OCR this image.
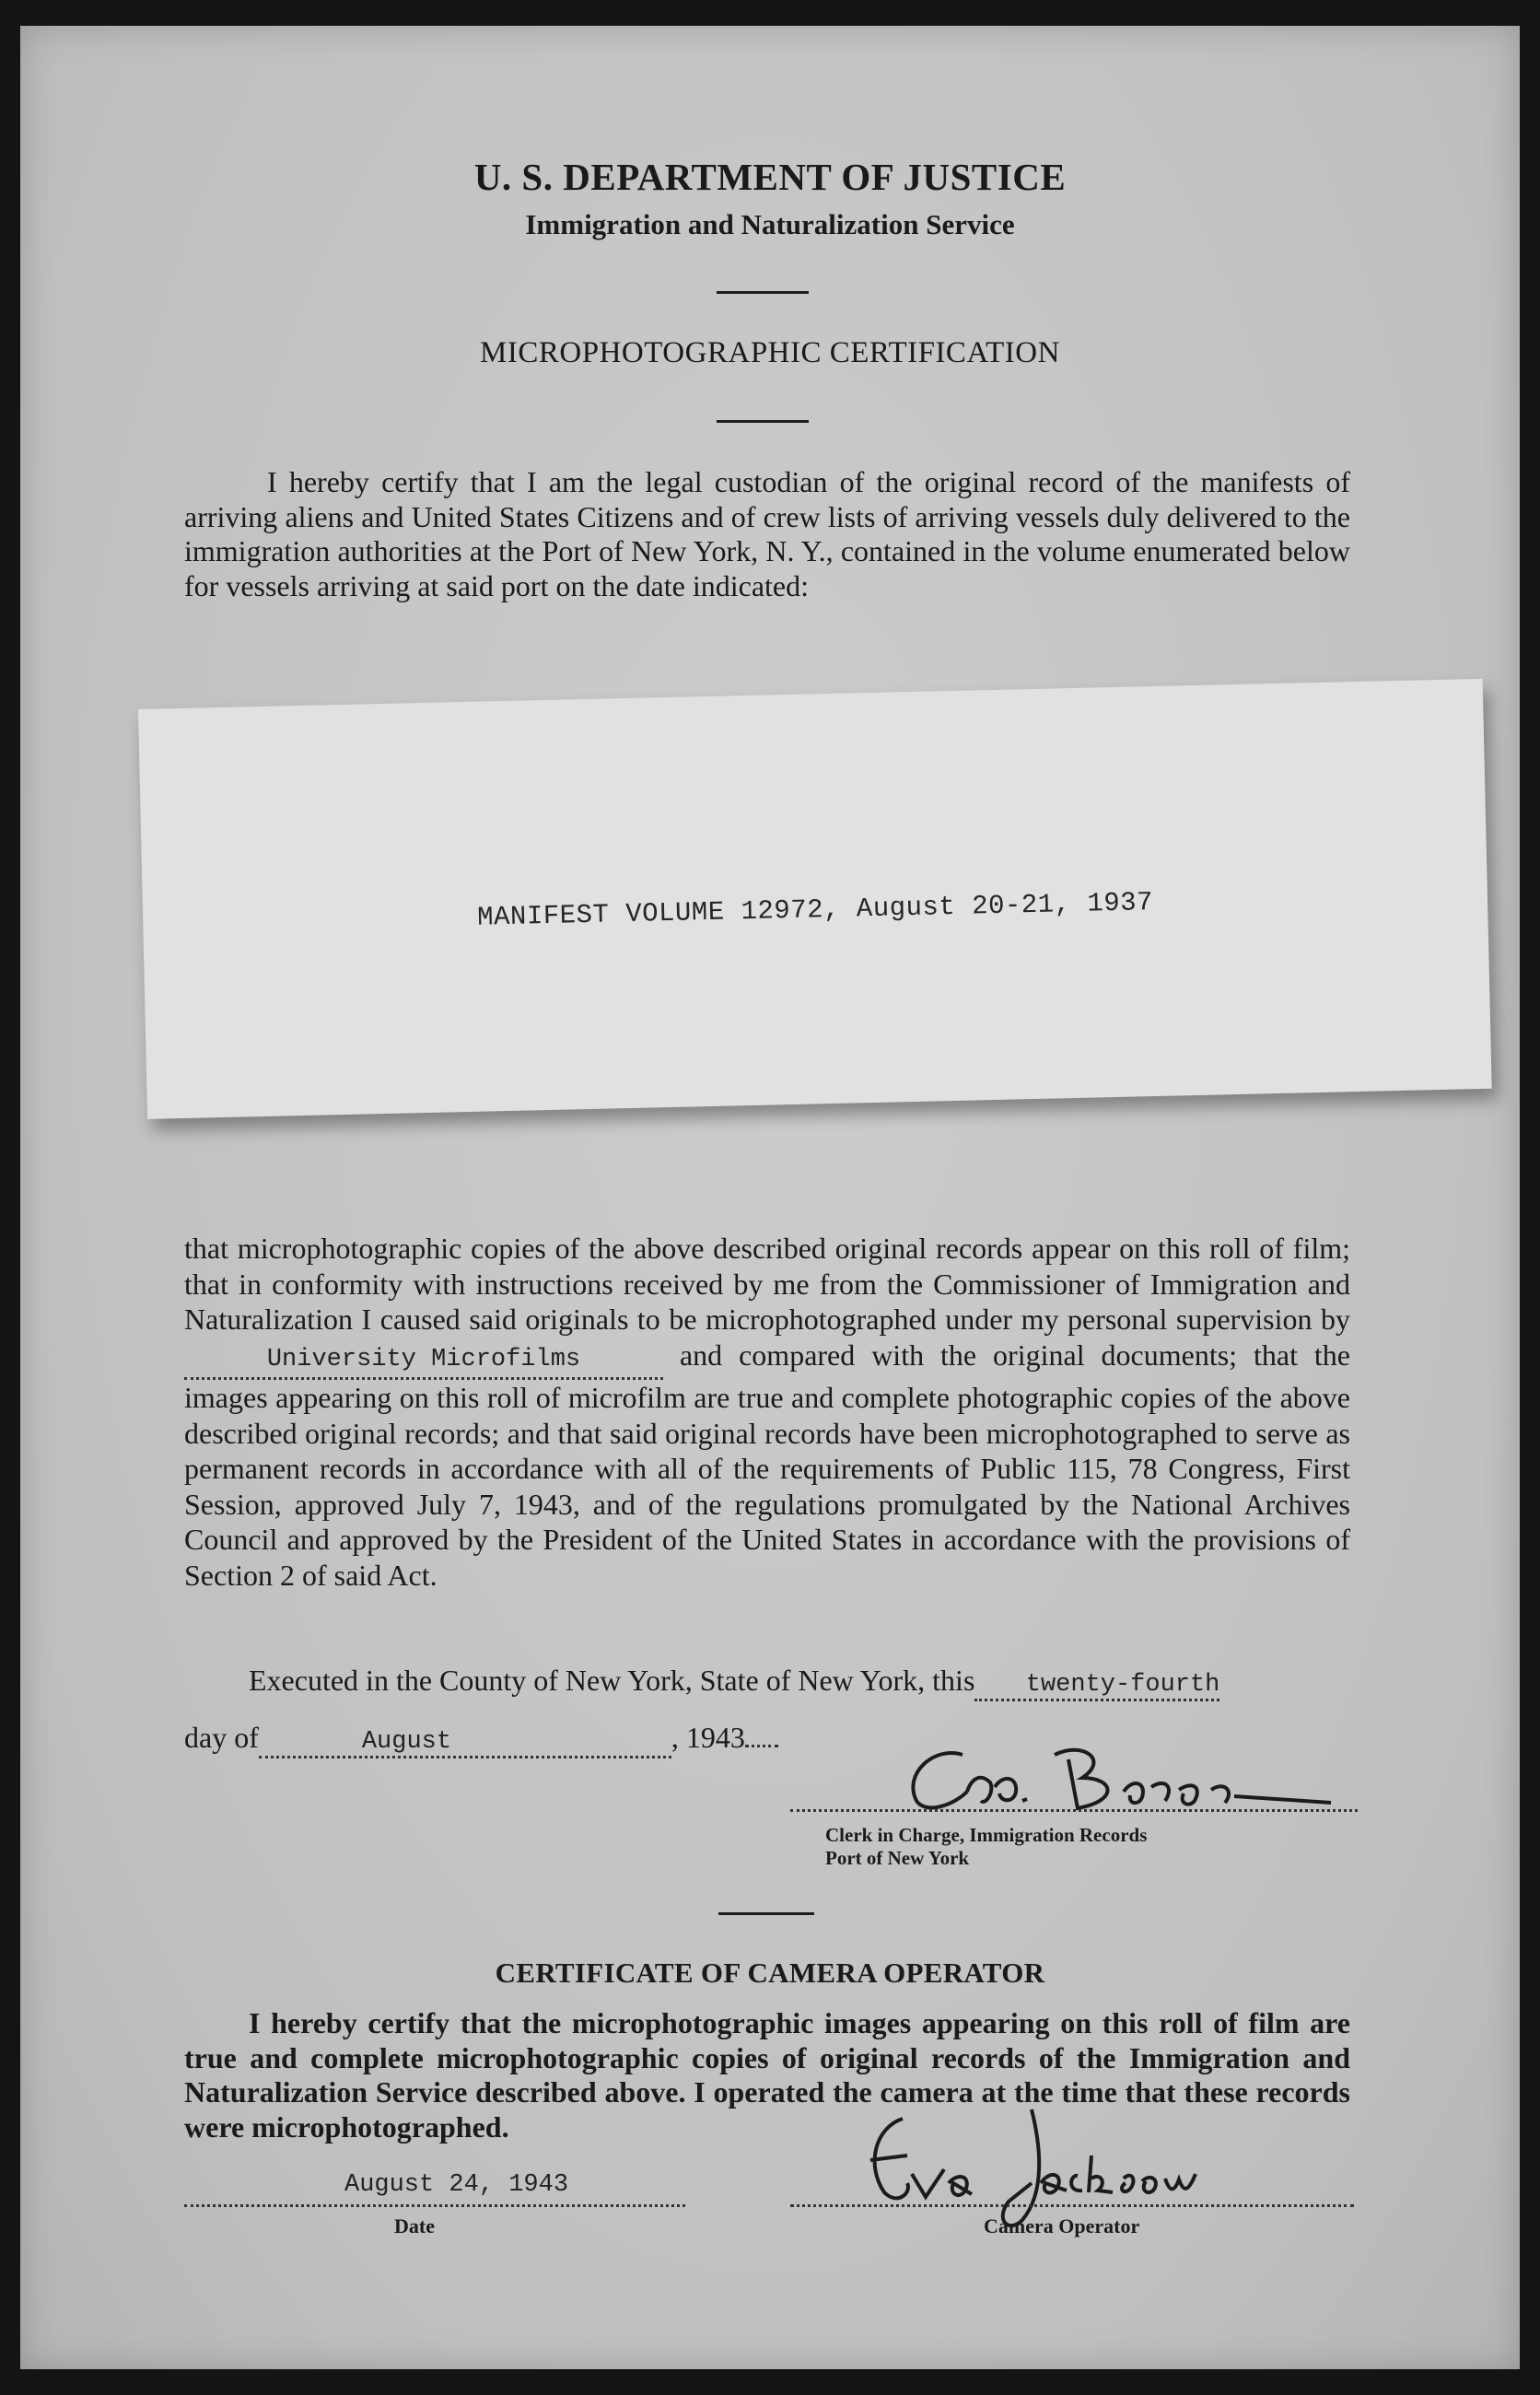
U. S. DEPARTMENT OF JUSTICE
Immigration and Naturalization Service
MICROPHOTOGRAPHIC CERTIFICATION
I hereby certify that I am the legal custodian of the original record of the manifests of arriving aliens and United States Citizens and of crew lists of arriving vessels duly delivered to the immigration authorities at the Port of New York, N. Y., contained in the volume enumerated below for vessels arriving at said port on the date indicated:
MANIFEST VOLUME 12972, August 20-21, 1937
that microphotographic copies of the above described original records appear on this roll of film; that in conformity with instructions received by me from the Commissioner of Immigration and Naturalization I caused said originals to be microphotographed under my personal supervision by University Microfilms	and compared with the original documents; that the images appearing on this roll of microfilm are true and complete photographic copies of the above described original records; and that said original records have been microphotographed to serve as permanent records in accordance with all of the requirements of Public 115, 78 Congress, First Session, approved July 7, 1943, and of the regulations promulgated by the National Archives Council and approved by the President of the United States in accordance with the provisions of Section 2 of said Act.
Executed in the County of New York, State of New York, this twenty-fourth
day of	August	, 1943
Clerk in Charge, Immigration Records
Port of New York
CERTIFICATE OF CAMERA OPERATOR
I hereby certify that the microphotographic images appearing on this roll of film are true and complete microphotographic copies of original records of the Immigration and Naturalization Service described above. I operated the camera at the time that these records were microphotographed.
August 24, 1943
Date	Camera Operator
